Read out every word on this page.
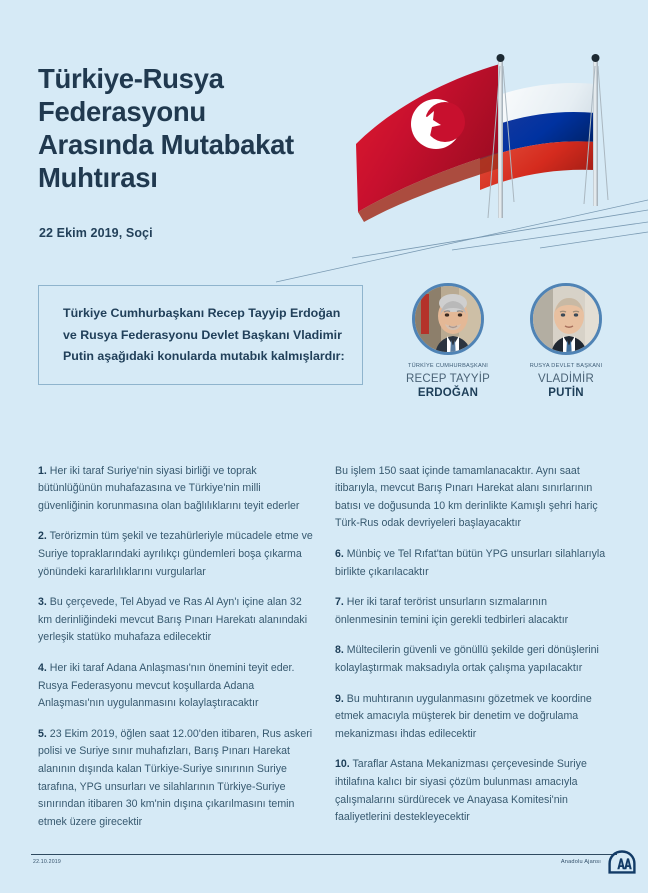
Türkiye-Rusya
Federasyonu
Arasında Mutabakat
Muhtırası
22 Ekim 2019, Soçi
Türkiye Cumhurbaşkanı Recep Tayyip Erdoğan ve Rusya Federasyonu Devlet Başkanı Vladimir Putin aşağıdaki konularda mutabık kalmışlardır:
TÜRKİYE CUMHURBAŞKANI
RECEP TAYYİP
ERDOĞAN
RUSYA DEVLET BAŞKANI
VLADİMİR
PUTİN

1. Her iki taraf Suriye'nin siyasi birliği ve toprak bütünlüğünün muhafazasına ve Türkiye'nin milli güvenliğinin korunmasına olan bağlılıklarını teyit ederler

2. Terörizmin tüm şekil ve tezahürleriyle mücadele etme ve Suriye topraklarındaki ayrılıkçı gündemleri boşa çıkarma yönündeki kararlılıklarını vurgularlar

3. Bu çerçevede, Tel Abyad ve Ras Al Ayn'ı içine alan 32 km derinliğindeki mevcut Barış Pınarı Harekatı alanındaki yerleşik statüko muhafaza edilecektir

4. Her iki taraf Adana Anlaşması'nın önemini teyit eder. Rusya Federasyonu mevcut koşullarda Adana Anlaşması'nın uygulanmasını kolaylaştıracaktır

5. 23 Ekim 2019, öğlen saat 12.00'den itibaren, Rus askeri polisi ve Suriye sınır muhafızları, Barış Pınarı Harekat alanının dışında kalan Türkiye-Suriye sınırının Suriye tarafına, YPG unsurları ve silahlarının Türkiye-Suriye sınırından itibaren 30 km'nin dışına çıkarılmasını temin etmek üzere girecektir

Bu işlem 150 saat içinde tamamlanacaktır. Aynı saat itibarıyla, mevcut Barış Pınarı Harekat alanı sınırlarının batısı ve doğusunda 10 km derinlikte Kamışlı şehri hariç Türk-Rus odak devriyeleri başlayacaktır

6. Münbiç ve Tel Rıfat'tan bütün YPG unsurları silahlarıyla birlikte çıkarılacaktır

7. Her iki taraf terörist unsurların sızmalarının önlenmesinin temini için gerekli tedbirleri alacaktır

8. Mültecilerin güvenli ve gönüllü şekilde geri dönüşlerini kolaylaştırmak maksadıyla ortak çalışma yapılacaktır

9. Bu muhtıranın uygulanmasını gözetmek ve koordine etmek amacıyla müşterek bir denetim ve doğrulama mekanizması ihdas edilecektir

10. Taraflar Astana Mekanizması çerçevesinde Suriye ihtilafına kalıcı bir siyasi çözüm bulunması amacıyla çalışmalarını sürdürecek ve Anayasa Komitesi'nin faaliyetlerini destekleyecektir

22.10.2019	Anadolu Ajansı
